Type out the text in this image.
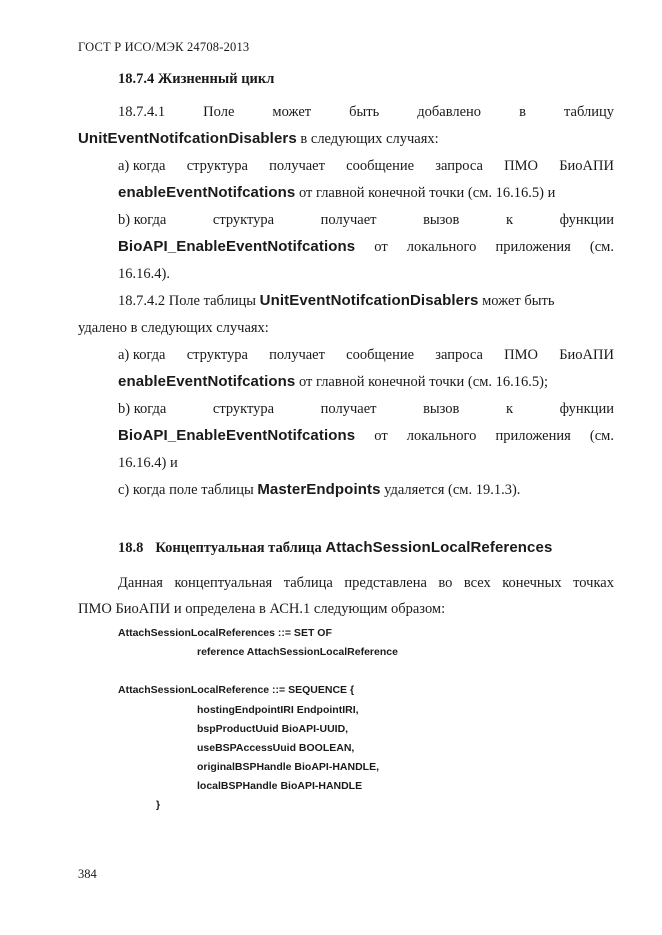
ГОСТ Р ИСО/МЭК 24708-2013
18.7.4 Жизненный цикл
18.7.4.1	Поле	может	быть	добавлено	в	таблицу
UnitEventNotifcationDisablers в следующих случаях:
a) когда структура получает сообщение запроса ПМО БиоАПИ
enableEventNotifcations от главной конечной точки (см. 16.16.5) и
b) когда	структура	получает	вызов	к	функции
BioAPI_EnableEventNotifcations от локального приложения (см.
16.16.4).
18.7.4.2 Поле таблицы UnitEventNotifcationDisablers может быть
удалено в следующих случаях:
a) когда структура получает сообщение запроса ПМО БиоАПИ
enableEventNotifcations от главной конечной точки (см. 16.16.5);
b) когда	структура	получает	вызов	к	функции
BioAPI_EnableEventNotifcations от локального приложения (см.
16.16.4) и
c) когда поле таблицы MasterEndpoints удаляется (см. 19.1.3).
18.8 Концептуальная таблица AttachSessionLocalReferences
Данная концептуальная таблица представлена во всех конечных точках
ПМО БиоАПИ и определена в АСН.1 следующим образом:
AttachSessionLocalReferences ::= SET OF
reference AttachSessionLocalReference
AttachSessionLocalReference ::= SEQUENCE {
hostingEndpointIRI EndpointIRI,
bspProductUuid BioAPI-UUID,
useBSPAccessUuid BOOLEAN,
originalBSPHandle BioAPI-HANDLE,
localBSPHandle BioAPI-HANDLE
}
384
